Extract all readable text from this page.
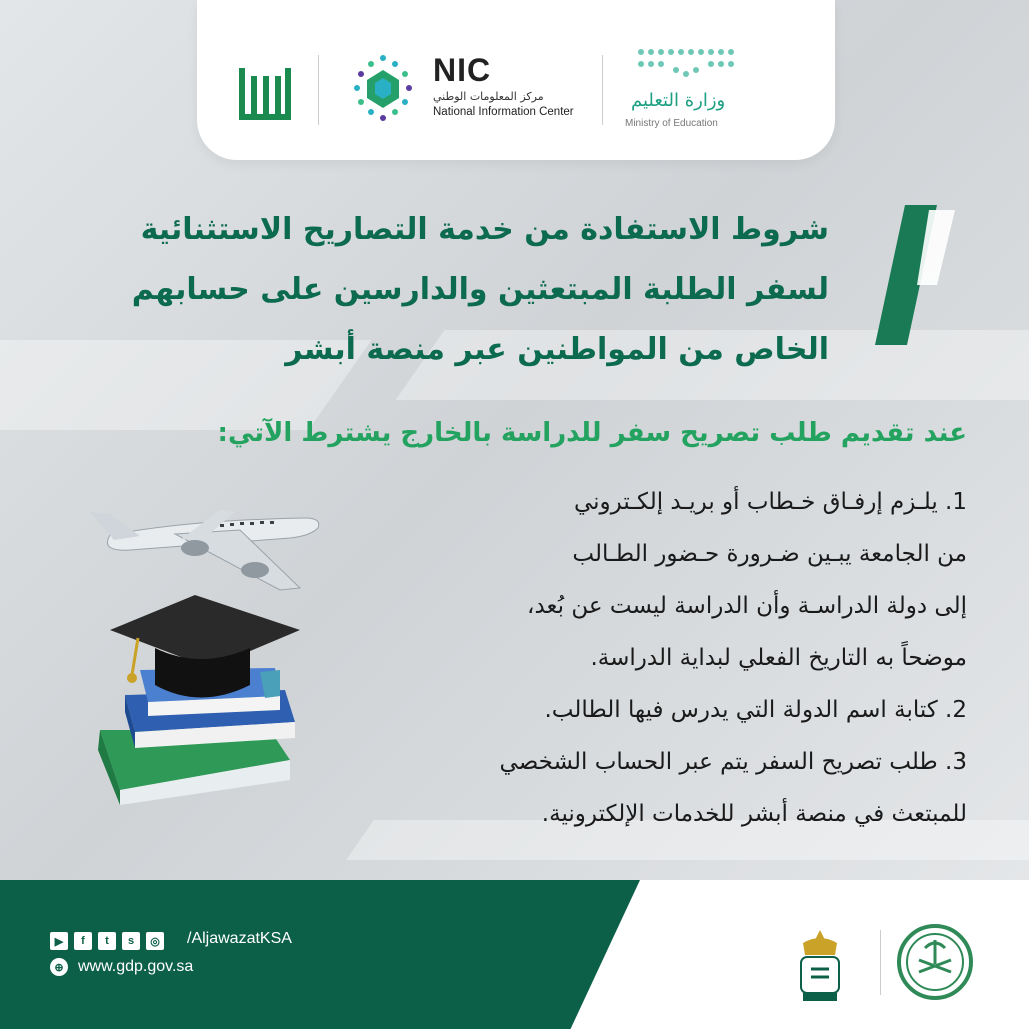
NIC
مركز المعلومات الوطني
National Information Center
وزارة التعليم
Ministry of Education
شروط الاستفادة من خدمة التصاريح الاستثنائية
لسفر الطلبة المبتعثين والدارسين على حسابهم
الخاص من المواطنين عبر منصة أبشر
عند تقديم طلب تصريح سفر للدراسة بالخارج يشترط الآتي:

1. يلـزم إرفـاق خـطاب أو بريـد إلكـتروني

من الجامعة يبـين ضـرورة حـضور الطـالب

إلى دولة الدراسـة وأن الدراسة ليست عن بُعد،

موضحاً به التاريخ الفعلي لبداية الدراسة.

2. كتابة اسم الدولة التي يدرس فيها الطالب.

3. طلب تصريح السفر يتم عبر الحساب الشخصي

للمبتعث في منصة أبشر للخدمات الإلكترونية.

▶	f	t	s	◎ /AljawazatKSA
⊕ www.gdp.gov.sa
